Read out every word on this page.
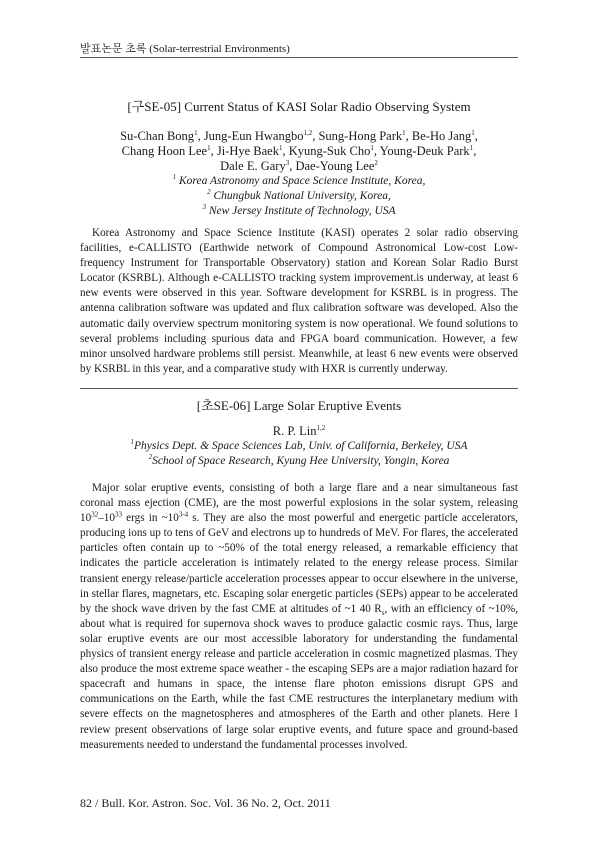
발표논문 초록 (Solar-terrestrial Environments)
[구SE-05] Current Status of KASI Solar Radio Observing System
Su-Chan Bong$^1$, Jung-Eun Hwangbo$^{1,2}$, Sung-Hong Park$^1$, Be-Ho Jang$^1$,
Chang Hoon Lee$^1$, Ji-Hye Baek$^1$, Kyung-Suk Cho$^1$, Young-Deuk Park$^1$,
Dale E. Gary$^3$, Dae-Young Lee$^2$
$^1$ Korea Astronomy and Space Science Institute, Korea,
$^2$ Chungbuk National University, Korea,
$^3$ New Jersey Institute of Technology, USA

Korea Astronomy and Space Science Institute (KASI) operates 2 solar radio observing facilities, e-CALLISTO (Earthwide network of Compound Astronomical Low-cost Low-frequency Instrument for Transportable Observatory) station and Korean Solar Radio Burst Locator (KSRBL). Although e-CALLISTO tracking system improvement.is underway, at least 6 new events were observed in this year. Software development for KSRBL is in progress. The antenna calibration software was updated and flux calibration software was developed. Also the automatic daily overview spectrum monitoring system is now operational. We found solutions to several problems including spurious data and FPGA board communication. However, a few minor unsolved hardware problems still persist. Meanwhile, at least 6 new events were observed by KSRBL in this year, and a comparative study with HXR is currently underway.

[초SE-06] Large Solar Eruptive Events
R. P. Lin$^{1,2}$
$^1$Physics Dept. & Space Sciences Lab, Univ. of California, Berkeley, USA
$^2$School of Space Research, Kyung Hee University, Yongin, Korea

Major solar eruptive events, consisting of both a large flare and a near simultaneous fast coronal mass ejection (CME), are the most powerful explosions in the solar system, releasing $10^{32}-10^{33}$ ergs in ~10$^{3-4}$ s. They are also the most powerful and energetic particle accelerators, producing ions up to tens of GeV and electrons up to hundreds of MeV. For flares, the accelerated particles often contain up to ~50% of the total energy released, a remarkable efficiency that indicates the particle acceleration is intimately related to the energy release process. Similar transient energy release/particle acceleration processes appear to occur elsewhere in the universe, in stellar flares, magnetars, etc. Escaping solar energetic particles (SEPs) appear to be accelerated by the shock wave driven by the fast CME at altitudes of ~1 40 $R_s$, with an efficiency of ~10%, about what is required for supernova shock waves to produce galactic cosmic rays. Thus, large solar eruptive events are our most accessible laboratory for understanding the fundamental physics of transient energy release and particle acceleration in cosmic magnetized plasmas. They also produce the most extreme space weather - the escaping SEPs are a major radiation hazard for spacecraft and humans in space, the intense flare photon emissions disrupt GPS and communications on the Earth, while the fast CME restructures the interplanetary medium with severe effects on the magnetospheres and atmospheres of the Earth and other planets. Here I review present observations of large solar eruptive events, and future space and ground-based measurements needed to understand the fundamental processes involved.

82 / Bull. Kor. Astron. Soc. Vol. 36 No. 2, Oct. 2011
